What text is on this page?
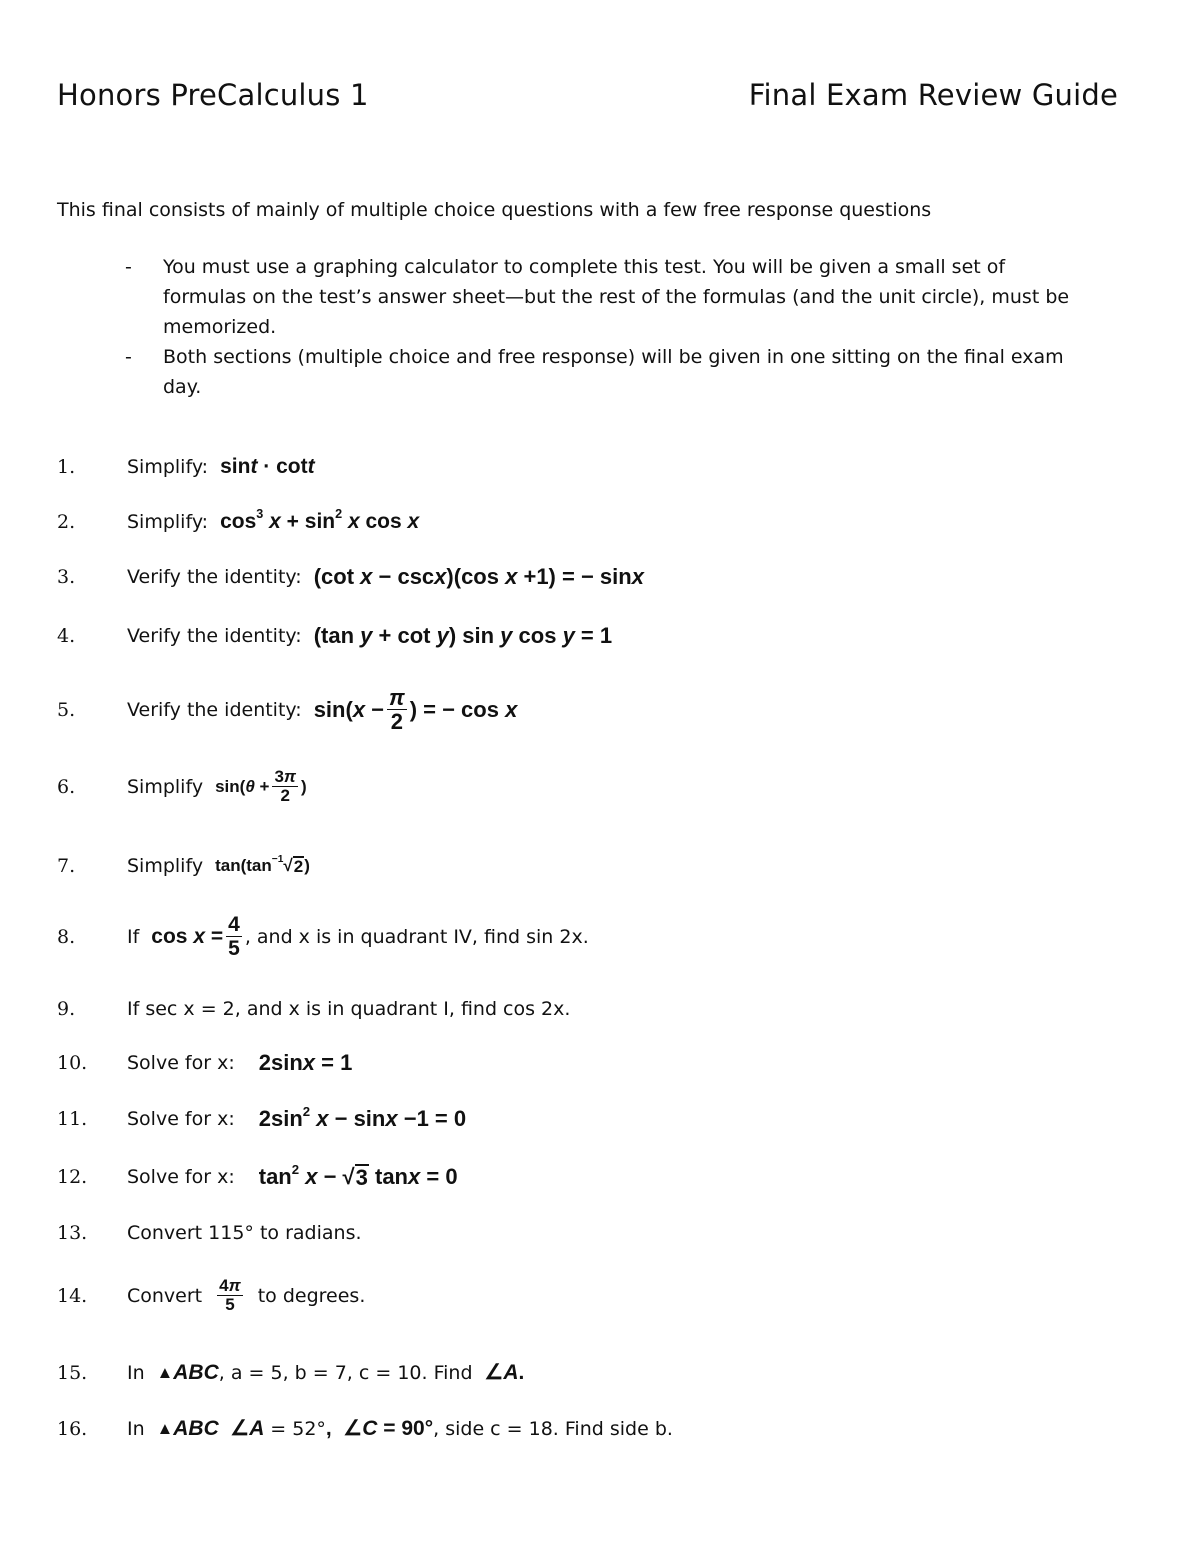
Honors PreCalculus 1	Final Exam Review Guide
This final consists of mainly of multiple choice questions with a few free response questions
-	You must use a graphing calculator to complete this test. You will be given a small set of
formulas on the test’s answer sheet—but the rest of the formulas (and the unit circle), must be
memorized.
-	Both sections (multiple choice and free response) will be given in one sitting on the final exam
day.
1.	Simplify: sin t · cot t
2.	Simplify: cos 3
x + sin 2
x cos x
3.	Verify the identity: (cot x − csc x )(cos x +1) = − sin x
4.	Verify the identity: (tan y + cot y ) sin y cos y = 1
5.	Verify the identity: sin( $x - \frac{\pi}{2}$ ) = − cos x
6.	Simplify sin( $\theta + \frac{3\pi}{2}$ )
7.	Simplify tan(tan −1 √ 2 )
8.	If $\cos x = \frac{4}{5}$ , and x is in quadrant IV, find sin 2x.
9.	If sec x = 2, and x is in quadrant I, find cos 2x.
10.	Solve for x: 2sin x = 1
11.	Solve for x: 2sin 2
x − sin x −1 = 0
12.	Solve for x: tan 2
x − √ 3 tan x = 0
13.	Convert 115° to radians.
14.	Convert $\frac{4\pi}{5}$ to degrees.
15.	In ▲ ABC , a = 5, b = 7, c = 10. Find ∠ A .
16.	In ▲ ABC ∠ A
= 52° ,  ∠ C = 90° , side c = 18. Find side b.
